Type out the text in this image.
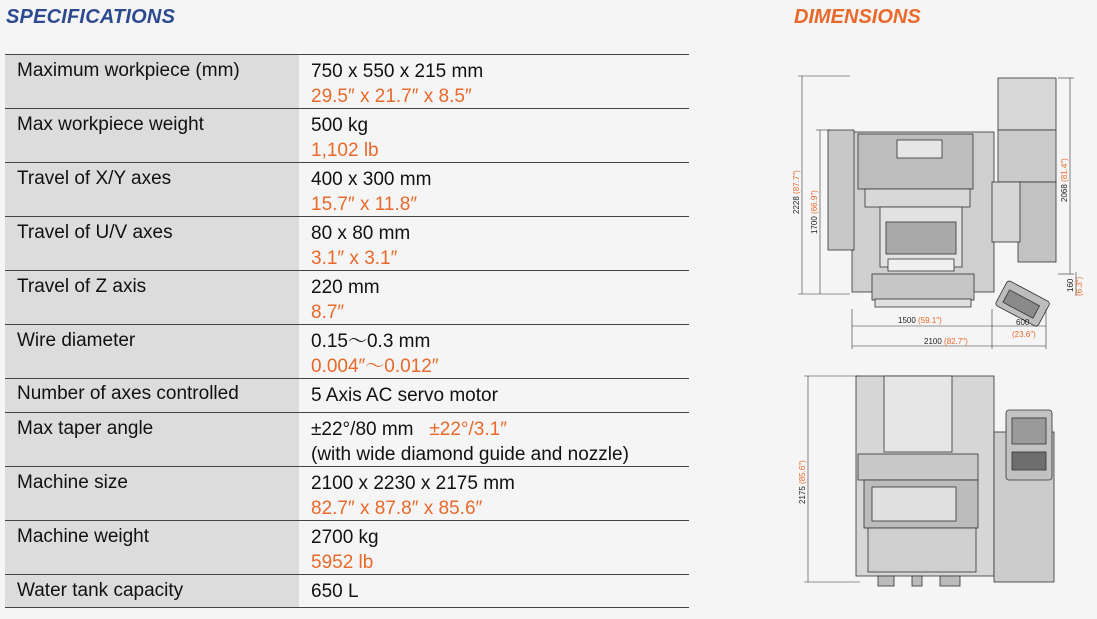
SPECIFICATIONS	DIMENSIONS
Maximum workpiece (mm)	750 x 550 x 215 mm
29.5″ x 21.7″ x 8.5″
Max workpiece weight	500 kg
1,102 lb
Travel of X/Y axes	400 x 300 mm
15.7″ x 11.8″
Travel of U/V axes	80 x 80 mm
3.1″ x 3.1″
Travel of Z axis	220 mm
8.7″
Wire diameter	0.15～0.3 mm
0.004″～0.012″
Number of axes controlled	5 Axis AC servo motor
Max taper angle	±22°/80 mm ±22°/3.1″
(with wide diamond guide and nozzle)
Machine size	2100 x 2230 x 2175 mm
82.7″ x 87.8″ x 85.6″
Machine weight	2700 kg
5952 lb
Water tank capacity	650 L
2228 (87.7″)
1700 (66.9″)	2068 (81.4″)
160 (6.3″)
1500 (59.1″)	600
(23.6″)
2100 (82.7″)
2175 (85.6″)
